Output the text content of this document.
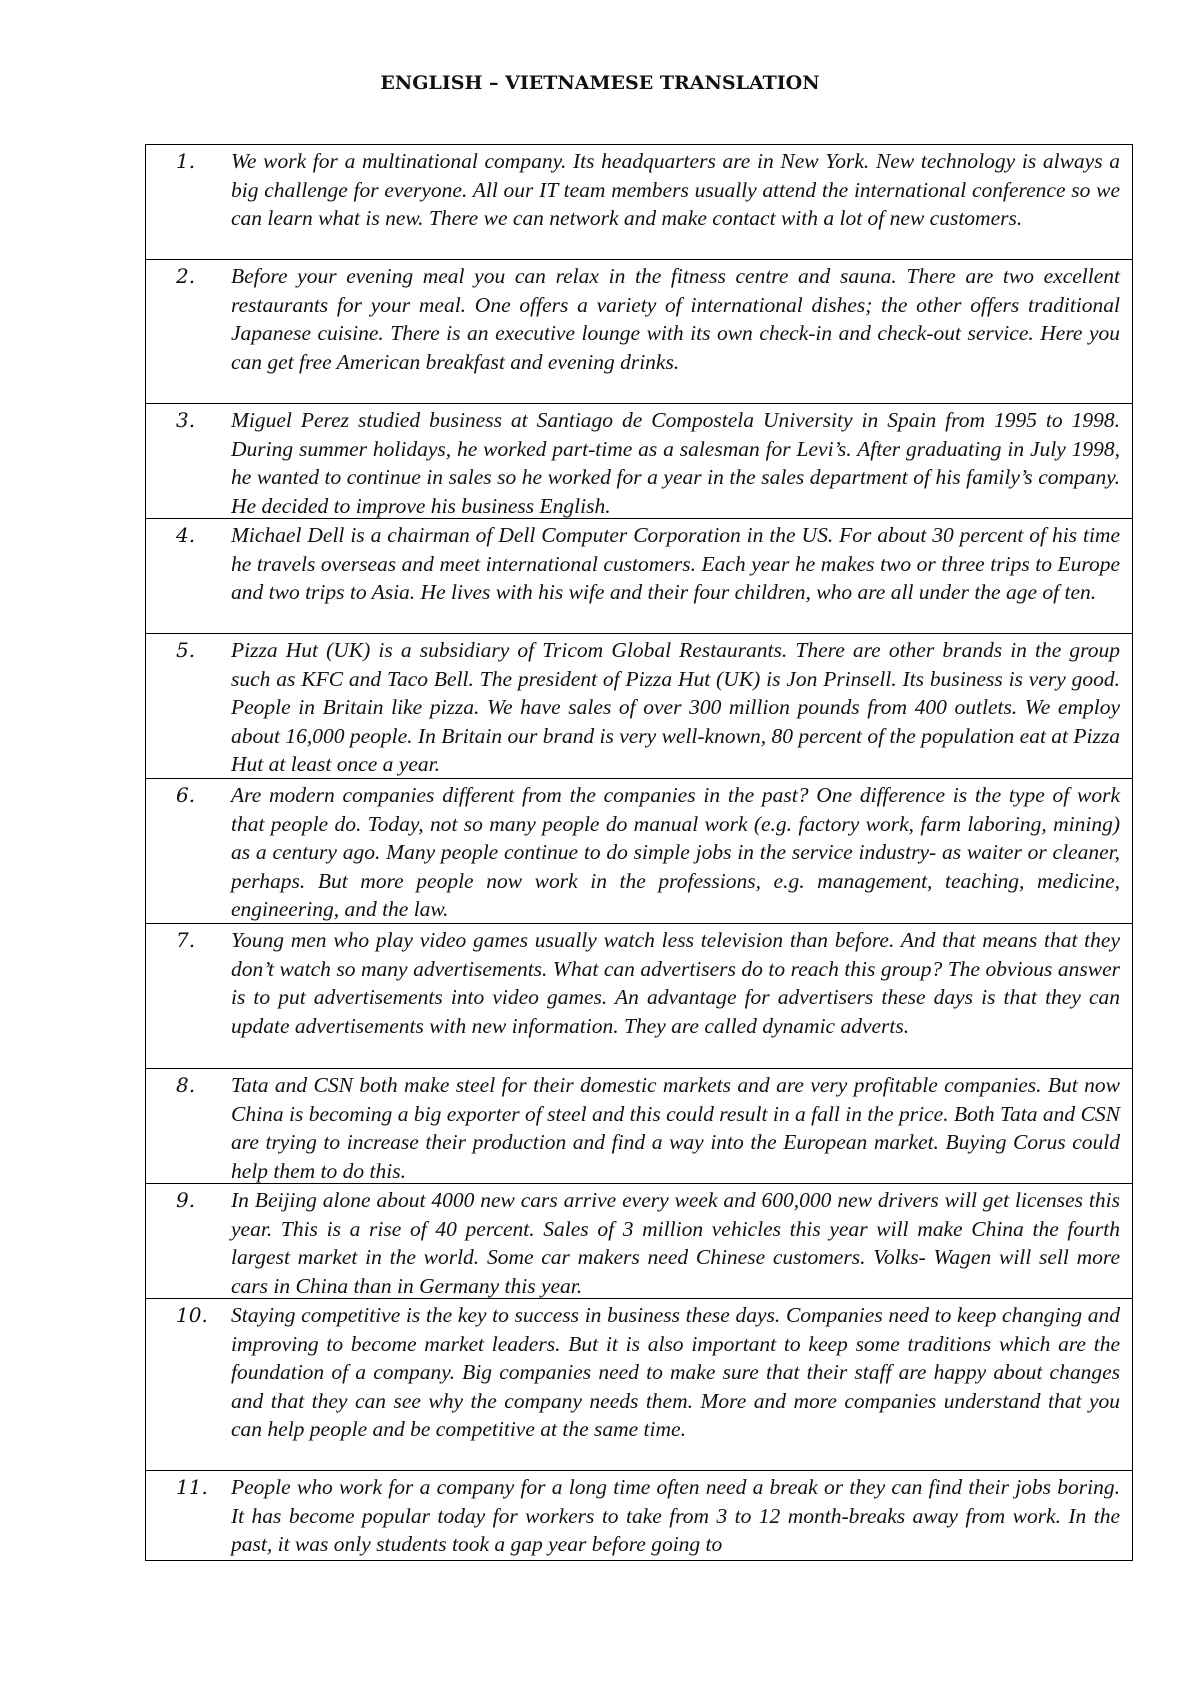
ENGLISH – VIETNAMESE TRANSLATION
1.	We work for a multinational company. Its headquarters are in New York. New technology is always a big challenge for everyone. All our IT team members usually attend the international conference so we can learn what is new. There we can network and make contact with a lot of new customers.

2.	Before your evening meal you can relax in the fitness centre and sauna. There are two excellent restaurants for your meal. One offers a variety of international dishes; the other offers traditional Japanese cuisine. There is an executive lounge with its own check-in and check-out service. Here you can get free American breakfast and evening drinks.

3.	Miguel Perez studied business at Santiago de Compostela University in Spain from 1995 to 1998. During summer holidays, he worked part-time as a salesman for Levi’s. After graduating in July 1998, he wanted to continue in sales so he worked for a year in the sales department of his family’s company. He decided to improve his business English.

4.	Michael Dell is a chairman of Dell Computer Corporation in the US. For about 30 percent of his time he travels overseas and meet international customers. Each year he makes two or three trips to Europe and two trips to Asia. He lives with his wife and their four children, who are all under the age of ten.

5.	Pizza Hut (UK) is a subsidiary of Tricom Global Restaurants. There are other brands in the group such as KFC and Taco Bell. The president of Pizza Hut (UK) is Jon Prinsell. Its business is very good. People in Britain like pizza. We have sales of over 300 million pounds from 400 outlets. We employ about 16,000 people. In Britain our brand is very well-known, 80 percent of the population eat at Pizza Hut at least once a year.

6.	Are modern companies different from the companies in the past? One difference is the type of work that people do. Today, not so many people do manual work (e.g. factory work, farm laboring, mining) as a century ago. Many people continue to do simple jobs in the service industry- as waiter or cleaner, perhaps. But more people now work in the professions, e.g. management, teaching, medicine, engineering, and the law.

7.	Young men who play video games usually watch less television than before. And that means that they don’t watch so many advertisements. What can advertisers do to reach this group? The obvious answer is to put advertisements into video games. An advantage for advertisers these days is that they can update advertisements with new information. They are called dynamic adverts.

8.	Tata and CSN both make steel for their domestic markets and are very profitable companies. But now China is becoming a big exporter of steel and this could result in a fall in the price. Both Tata and CSN are trying to increase their production and find a way into the European market. Buying Corus could help them to do this.

9.	In Beijing alone about 4000 new cars arrive every week and 600,000 new drivers will get licenses this year. This is a rise of 40 percent. Sales of 3 million vehicles this year will make China the fourth largest market in the world. Some car makers need Chinese customers. Volks- Wagen will sell more cars in China than in Germany this year.

10.	Staying competitive is the key to success in business these days. Companies need to keep changing and improving to become market leaders. But it is also important to keep some traditions which are the foundation of a company. Big companies need to make sure that their staff are happy about changes and that they can see why the company needs them. More and more companies understand that you can help people and be competitive at the same time.

11.	People who work for a company for a long time often need a break or they can find their jobs boring. It has become popular today for workers to take from 3 to 12 month-breaks away from work. In the past, it was only students took a gap year before going to
